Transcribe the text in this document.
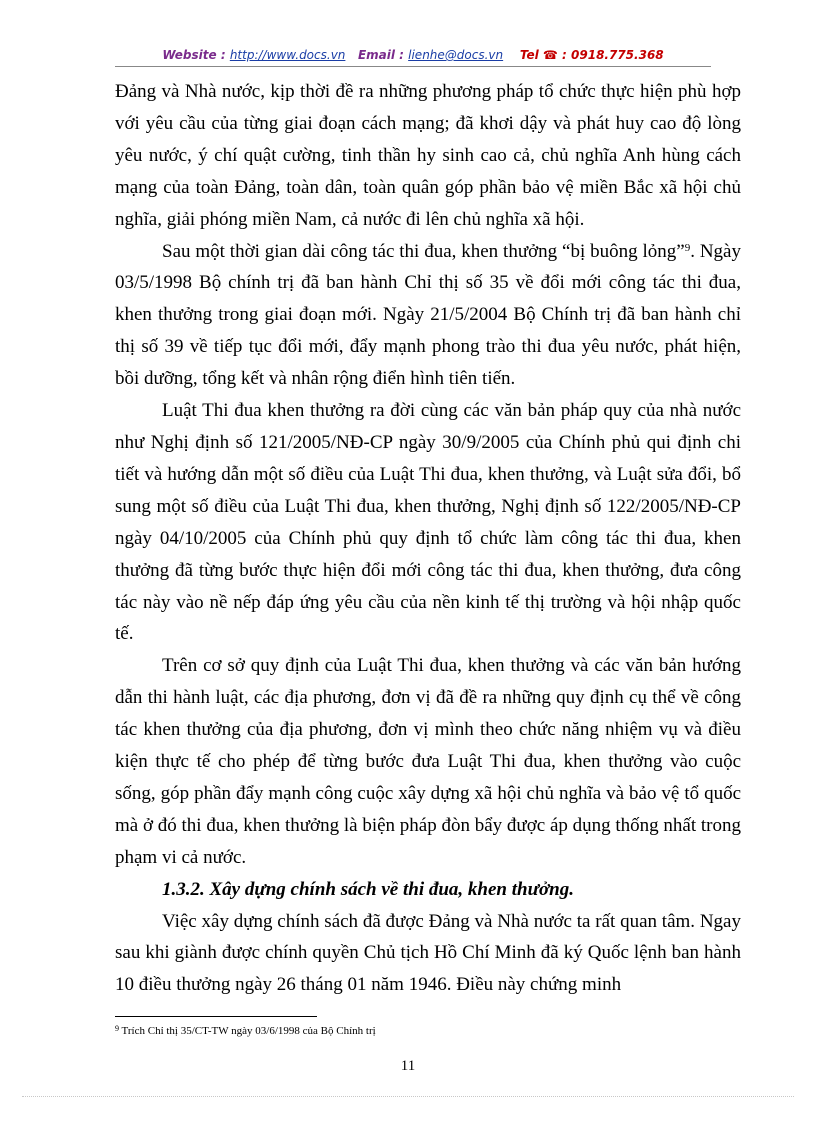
Website : http://www.docs.vn Email : lienhe@docs.vn Tel ☎ : 0918.775.368

Đảng và Nhà nước, kịp thời đề ra những phương pháp tổ chức thực hiện phù hợp với yêu cầu của từng giai đoạn cách mạng; đã khơi dậy và phát huy cao độ lòng yêu nước, ý chí quật cường, tinh thần hy sinh cao cả, chủ nghĩa Anh hùng cách mạng của toàn Đảng, toàn dân, toàn quân góp phần bảo vệ miền Bắc xã hội chủ nghĩa, giải phóng miền Nam, cả nước đi lên chủ nghĩa xã hội.

Sau một thời gian dài công tác thi đua, khen thưởng “bị buông lỏng”$^9$. Ngày 03/5/1998 Bộ chính trị đã ban hành Chỉ thị số 35 về đổi mới công tác thi đua, khen thưởng trong giai đoạn mới. Ngày 21/5/2004 Bộ Chính trị đã ban hành chỉ thị số 39 về tiếp tục đổi mới, đẩy mạnh phong trào thi đua yêu nước, phát hiện, bồi dưỡng, tổng kết và nhân rộng điển hình tiên tiến.

Luật Thi đua khen thưởng ra đời cùng các văn bản pháp quy của nhà nước như Nghị định số 121/2005/NĐ-CP ngày 30/9/2005 của Chính phủ qui định chi tiết và hướng dẫn một số điều của Luật Thi đua, khen thưởng, và Luật sửa đổi, bổ sung một số điều của Luật Thi đua, khen thưởng, Nghị định số 122/2005/NĐ-CP ngày 04/10/2005 của Chính phủ quy định tổ chức làm công tác thi đua, khen thưởng đã từng bước thực hiện đổi mới công tác thi đua, khen thưởng, đưa công tác này vào nề nếp đáp ứng yêu cầu của nền kinh tế thị trường và hội nhập quốc tế.

Trên cơ sở quy định của Luật Thi đua, khen thưởng và các văn bản hướng dẫn thi hành luật, các địa phương, đơn vị đã đề ra những quy định cụ thể về công tác khen thưởng của địa phương, đơn vị mình theo chức năng nhiệm vụ và điều kiện thực tế cho phép để từng bước đưa Luật Thi đua, khen thưởng vào cuộc sống, góp phần đẩy mạnh công cuộc xây dựng xã hội chủ nghĩa và bảo vệ tổ quốc mà ở đó thi đua, khen thưởng là biện pháp đòn bẩy được áp dụng thống nhất trong phạm vi cả nước.

1.3.2. Xây dựng chính sách về thi đua, khen thưởng.

Việc xây dựng chính sách đã được Đảng và Nhà nước ta rất quan tâm. Ngay sau khi giành được chính quyền Chủ tịch Hồ Chí Minh đã ký Quốc lệnh ban hành 10 điều thưởng ngày 26 tháng 01 năm 1946. Điều này chứng minh

$^9$ Trích Chỉ thị 35/CT-TW ngày 03/6/1998 của Bộ Chính trị
11
